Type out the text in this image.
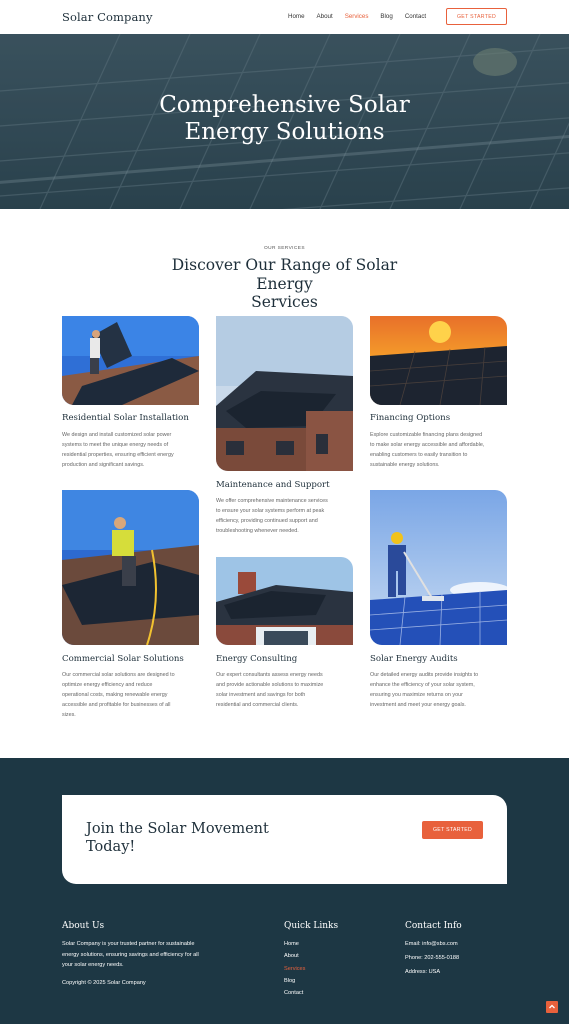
Solar Company	Home About Services Blog Contact	GET STARTED
Comprehensive Solar
Energy Solutions
OUR SERVICES
Discover Our Range of Solar Energy
Services
Residential Solar Installation
We design and install customized solar power
systems to meet the unique energy needs of
residential properties, ensuring efficient energy
production and significant savings.
Maintenance and Support
We offer comprehensive maintenance services
to ensure your solar systems perform at peak
efficiency, providing continued support and
troubleshooting whenever needed.
Financing Options
Explore customizable financing plans designed
to make solar energy accessible and affordable,
enabling customers to easily transition to
sustainable energy solutions.
Commercial Solar Solutions
Our commercial solar solutions are designed to
optimize energy efficiency and reduce
operational costs, making renewable energy
accessible and profitable for businesses of all
sizes.
Energy Consulting
Our expert consultants assess energy needs
and provide actionable solutions to maximize
solar investment and savings for both
residential and commercial clients.
Solar Energy Audits
Our detailed energy audits provide insights to
enhance the efficiency of your solar system,
ensuring you maximize returns on your
investment and meet your energy goals.
Join the Solar Movement
Today!
GET STARTED
About Us
Solar Company is your trusted partner for sustainable
energy solutions, ensuring savings and efficiency for all
your solar energy needs.
Copyright © 2025 Solar Company
Quick Links
Home
About
Services
Blog
Contact
Contact Info
Email: info@sbs.com
Phone: 202-555-0188
Address: USA
